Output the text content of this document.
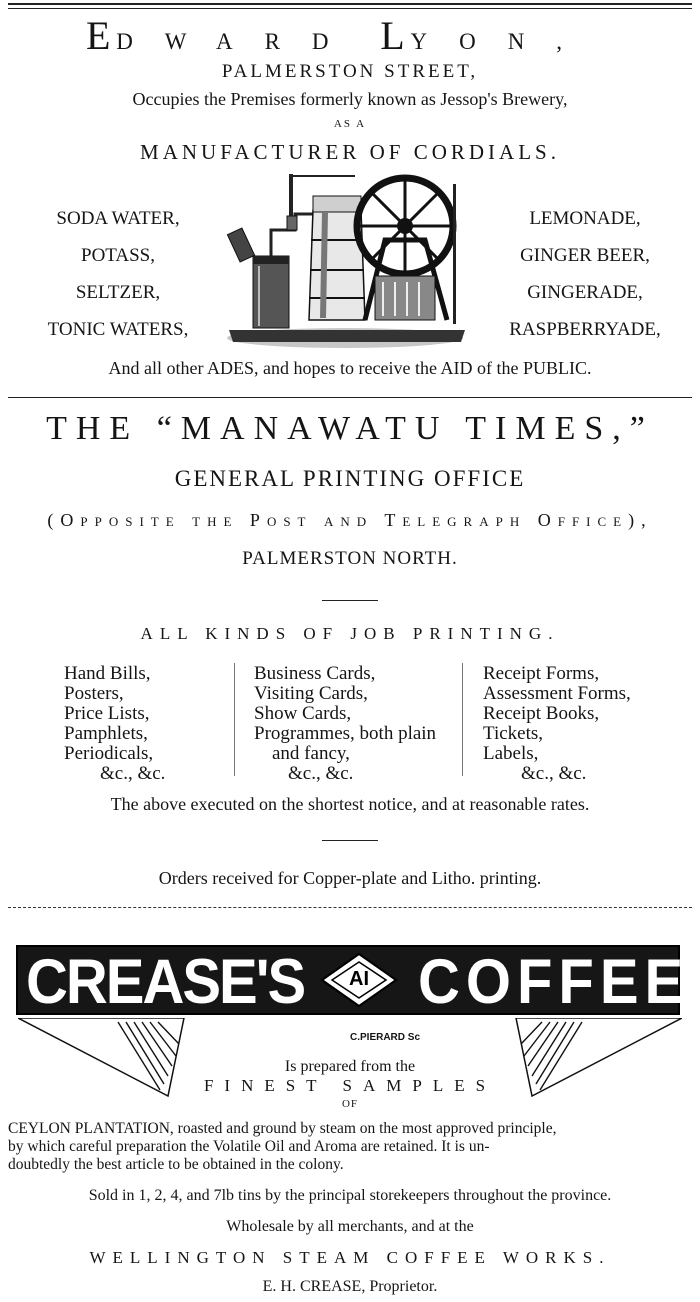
E DWARD L YON,
PALMERSTON STREET,
Occupies the Premises formerly known as Jessop's Brewery,
AS A
MANUFACTURER OF CORDIALS.
SODA WATER,
POTASS,
SELTZER,
TONIC WATERS,
LEMONADE,
GINGER BEER,
GINGERADE,
RASPBERRYADE,
And all other ADES, and hopes to receive the AID of the PUBLIC.
THE “MANAWATU TIMES,”
GENERAL PRINTING OFFICE
(Opposite the Post and Telegraph Office),
PALMERSTON NORTH.
ALL KINDS OF JOB PRINTING.
Hand Bills,
Posters,
Price Lists,
Pamphlets,
Periodicals,
&c., &c.
Business Cards,
Visiting Cards,
Show Cards,
Programmes, both plain
and fancy,
&c., &c.
Receipt Forms,
Assessment Forms,
Receipt Books,
Tickets,
Labels,
&c., &c.
The above executed on the shortest notice, and at reasonable rates.
Orders received for Copper-plate and Litho. printing.
CREASE'S	AI COFFEE
C.PIERARD Sc
Is prepared from the
FINEST SAMPLES
OF
CEYLON PLANTATION, roasted and ground by steam on the most approved principle,
by which careful preparation the Volatile Oil and Aroma are retained. It is un-
doubtedly the best article to be obtained in the colony.
Sold in 1, 2, 4, and 7lb tins by the principal storekeepers throughout the province.
Wholesale by all merchants, and at the
WELLINGTON STEAM COFFEE WORKS.
E. H. CREASE, Proprietor.
